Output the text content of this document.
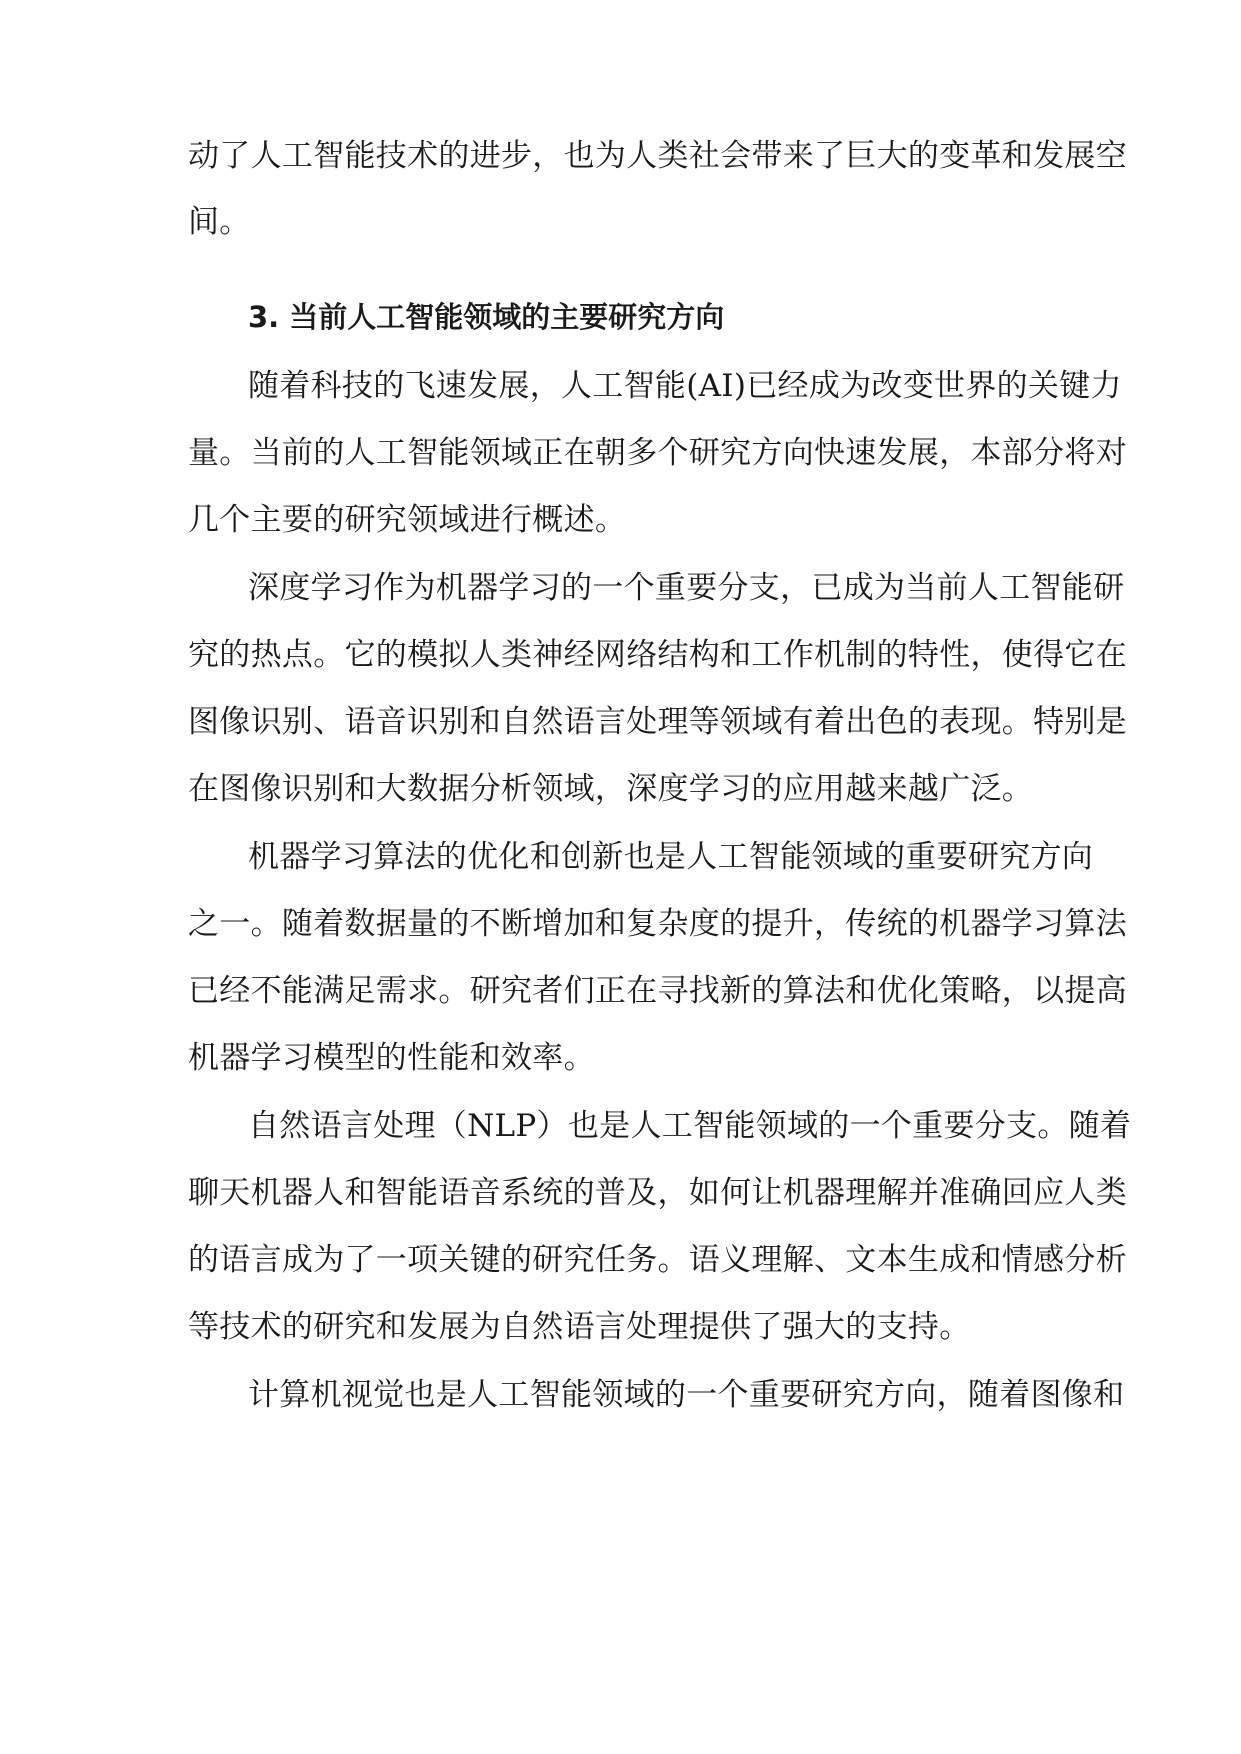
动了人工智能技术的进步，也为人类社会带来了巨大的变革和发展空
间。
3. 当前人工智能领域的主要研究方向
随着科技的飞速发展，人工智能(AI)已经成为改变世界的关键力
量。当前的人工智能领域正在朝多个研究方向快速发展，本部分将对
几个主要的研究领域进行概述。
深度学习作为机器学习的一个重要分支，已成为当前人工智能研
究的热点。它的模拟人类神经网络结构和工作机制的特性，使得它在
图像识别、语音识别和自然语言处理等领域有着出色的表现。特别是
在图像识别和大数据分析领域，深度学习的应用越来越广泛。
机器学习算法的优化和创新也是人工智能领域的重要研究方向
之一。随着数据量的不断增加和复杂度的提升，传统的机器学习算法
已经不能满足需求。研究者们正在寻找新的算法和优化策略，以提高
机器学习模型的性能和效率。
自然语言处理（NLP）也是人工智能领域的一个重要分支。随着
聊天机器人和智能语音系统的普及，如何让机器理解并准确回应人类
的语言成为了一项关键的研究任务。语义理解、文本生成和情感分析
等技术的研究和发展为自然语言处理提供了强大的支持。
计算机视觉也是人工智能领域的一个重要研究方向，随着图像和
